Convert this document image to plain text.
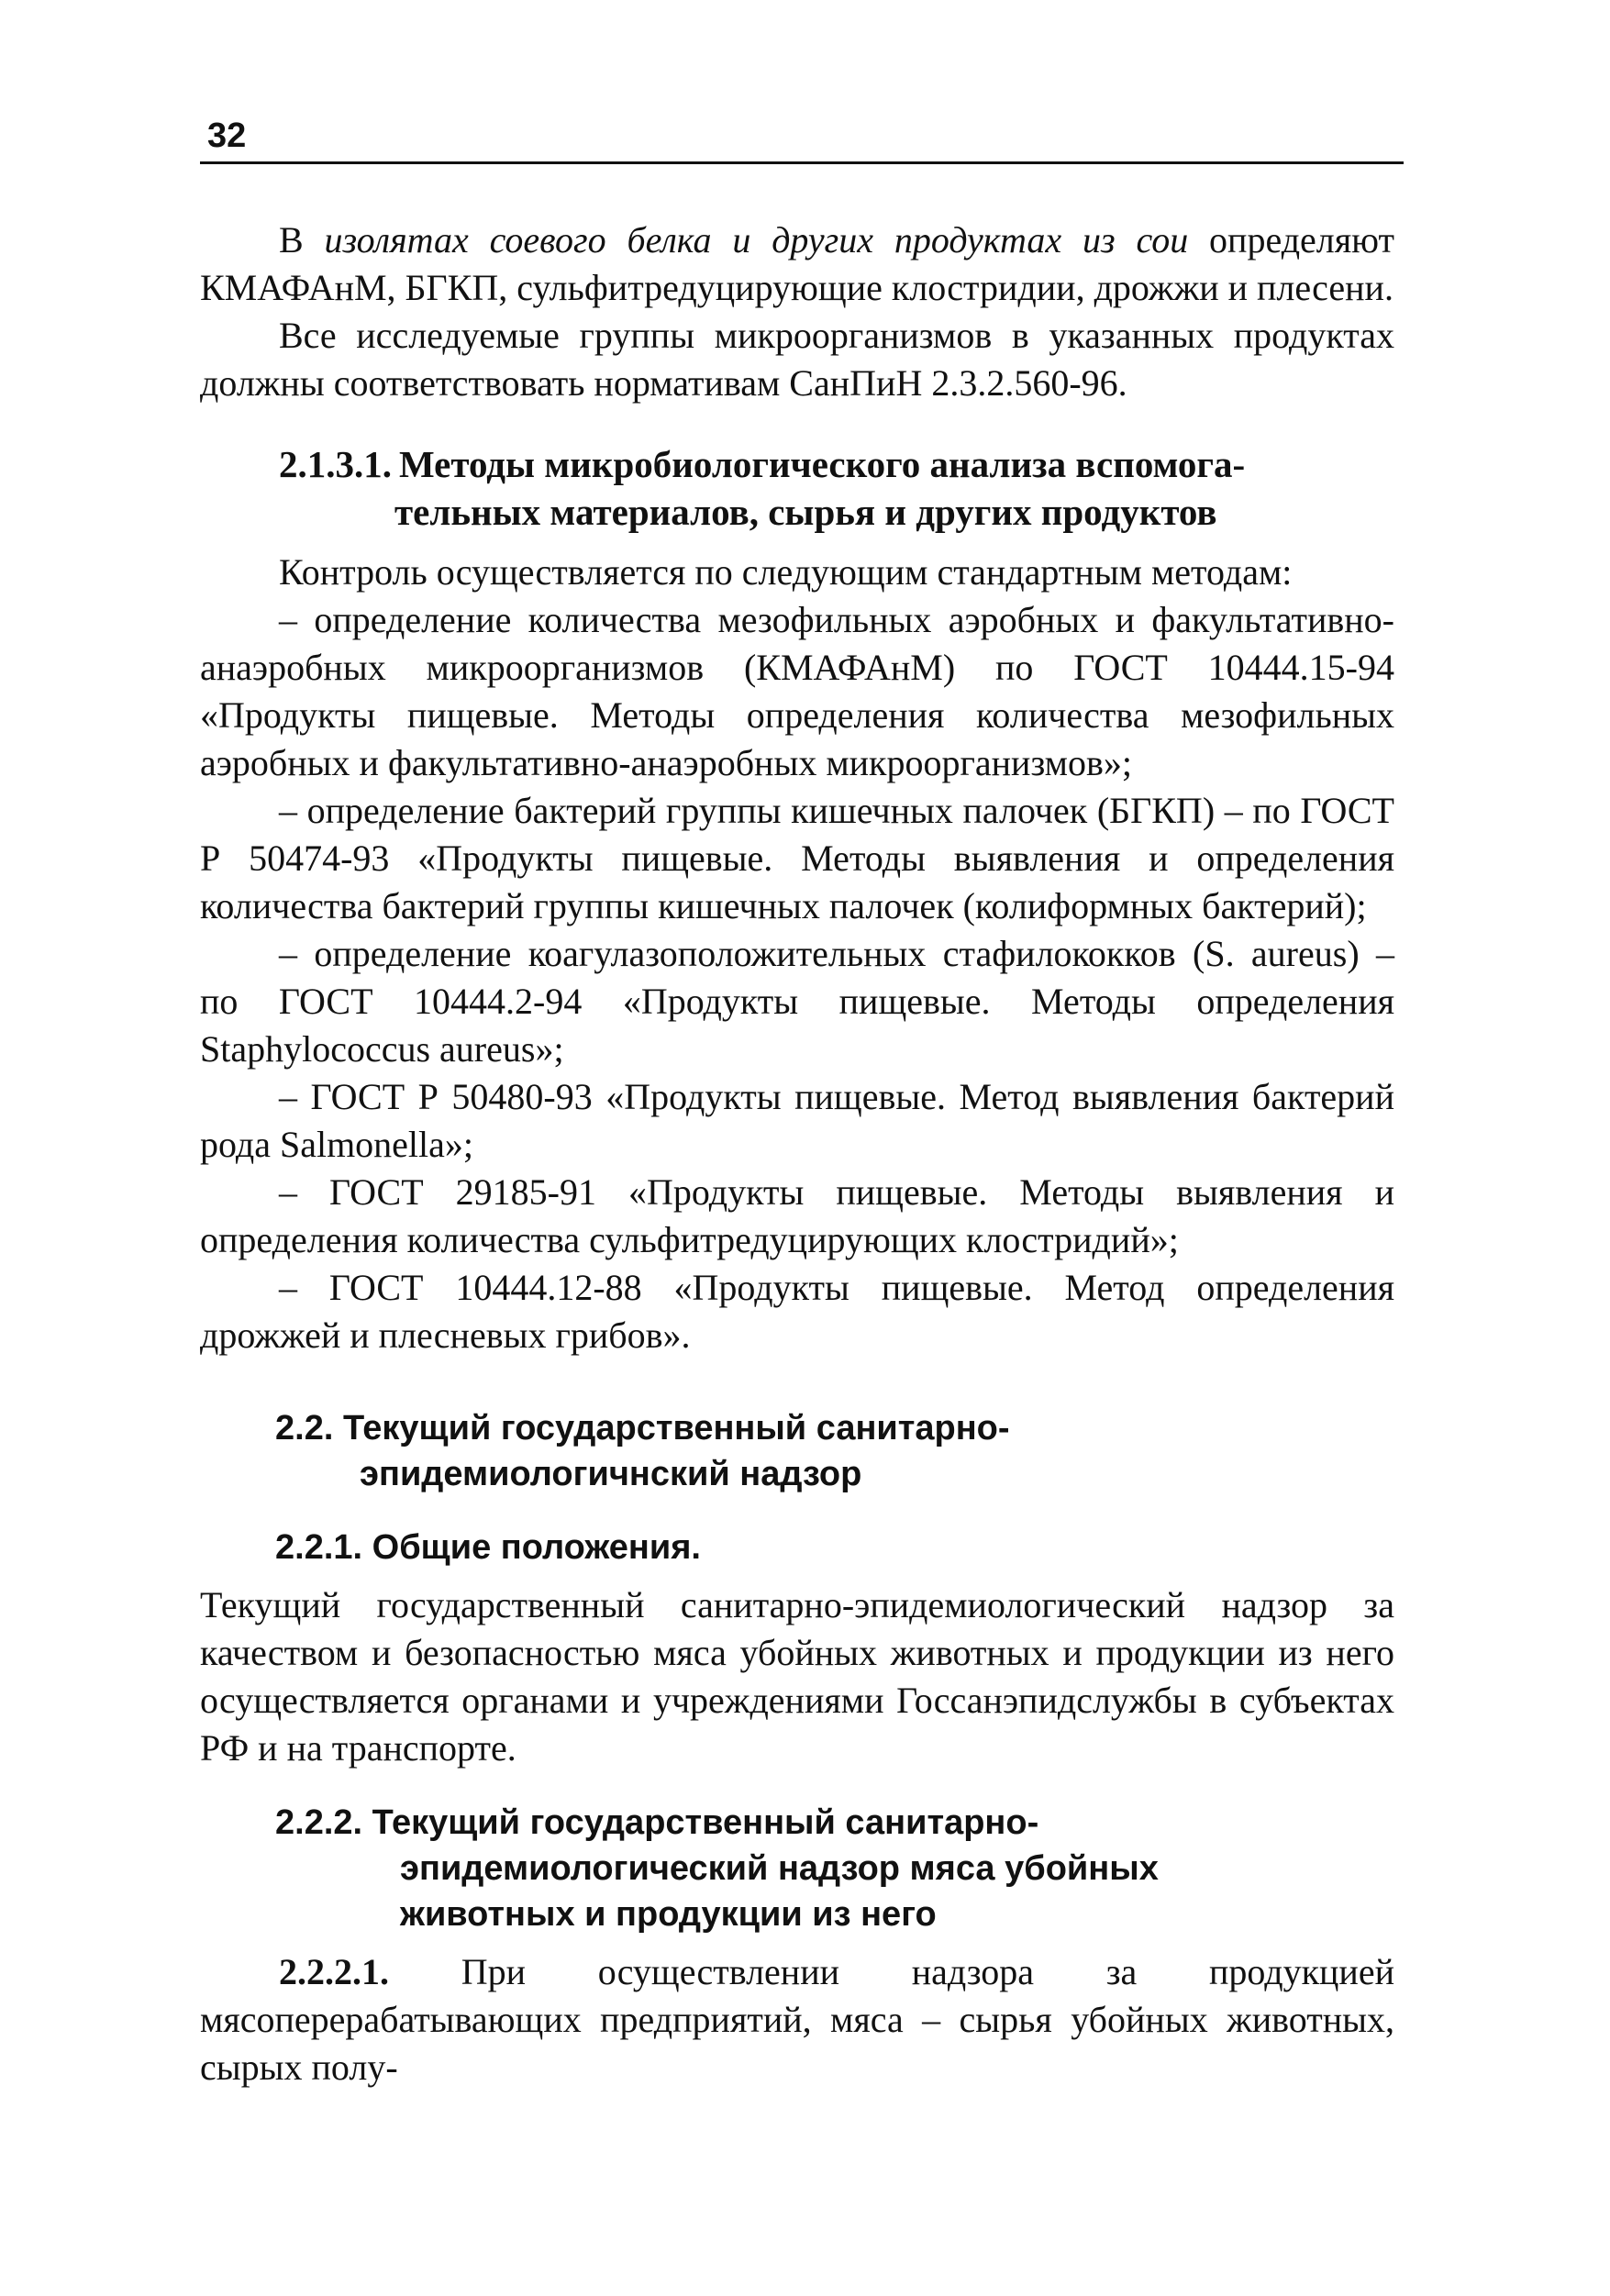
32

В изолятах соевого белка и других продуктах из сои определяют КМАФАнМ, БГКП, сульфитредуцирующие клостридии, дрожжи и плесени.

Все исследуемые группы микроорганизмов в указанных продуктах должны соответствовать нормативам СанПиН 2.3.2.560-96.

2.1.3.1. Методы микробиологического анализа вспомога-
тельных материалов, сырья и других продуктов

Контроль осуществляется по следующим стандартным методам:

– определение количества мезофильных аэробных и факультативно-анаэробных микроорганизмов (КМАФАнМ) по ГОСТ 10444.15-94 «Продукты пищевые. Методы определения количества мезофильных аэробных и факультативно-анаэробных микроорганизмов»;

– определение бактерий группы кишечных палочек (БГКП) – по ГОСТ Р 50474-93 «Продукты пищевые. Методы выявления и определения количества бактерий группы кишечных палочек (колиформных бактерий);

– определение коагулазоположительных стафилококков (S. aureus) – по ГОСТ 10444.2-94 «Продукты пищевые. Методы определения Staphylococcus aureus»;

– ГОСТ Р 50480-93 «Продукты пищевые. Метод выявления бактерий рода Salmonella»;

– ГОСТ 29185-91 «Продукты пищевые. Методы выявления и определения количества сульфитредуцирующих клостридий»;

– ГОСТ 10444.12-88 «Продукты пищевые. Метод определения дрожжей и плесневых грибов».

2.2. Текущий государственный санитарно-
эпидемиологичнский надзор
2.2.1. Общие положения.

Текущий государственный санитарно-эпидемиологический надзор за качеством и безопасностью мяса убойных животных и продукции из него осуществляется органами и учреждениями Госсанэпидслужбы в субъектах РФ и на транспорте.

2.2.2. Текущий государственный санитарно-
эпидемиологический надзор мяса убойных
животных и продукции из него

2.2.2.1. При осуществлении надзора за продукцией мясоперерабатывающих предприятий, мяса – сырья убойных животных, сырых полу-
